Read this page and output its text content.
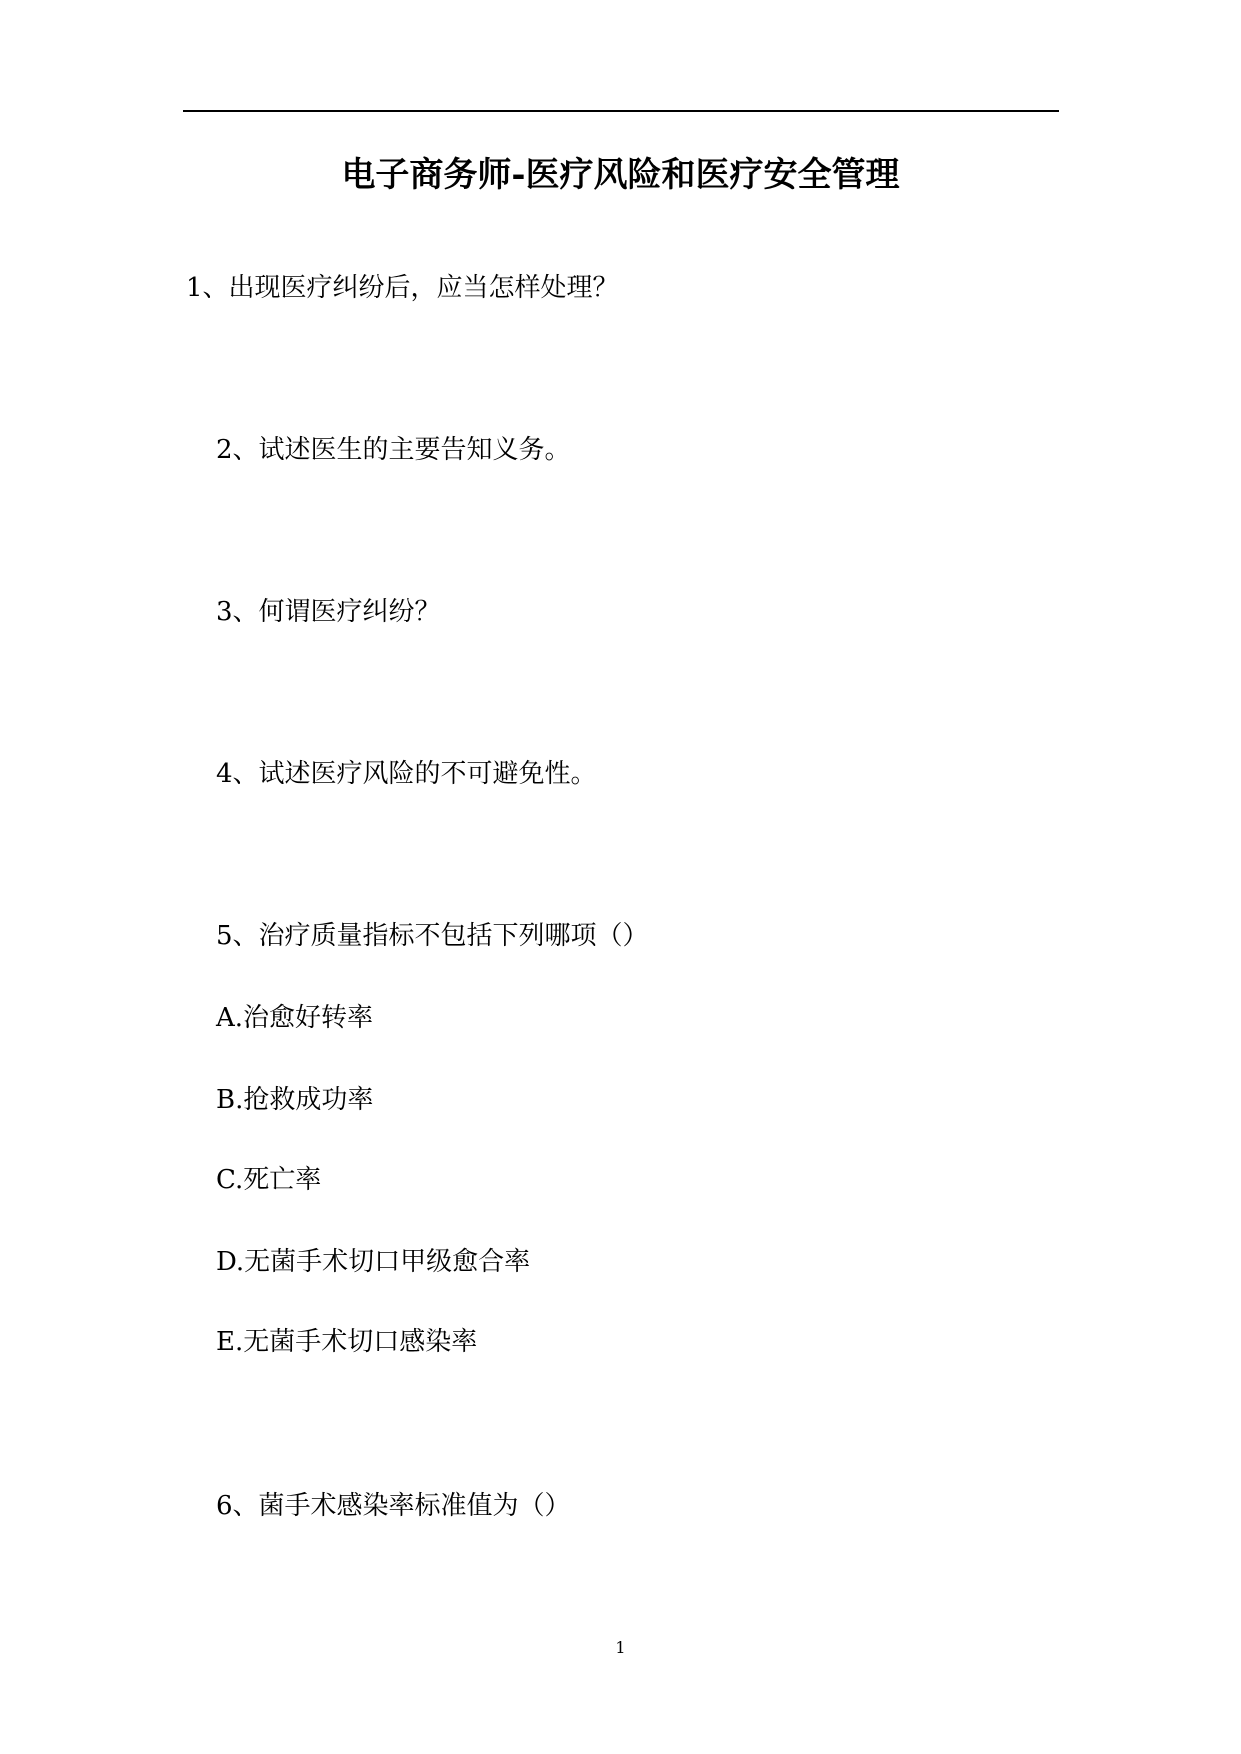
电子商务师-医疗风险和医疗安全管理
1、出现医疗纠纷后，应当怎样处理？
2、试述医生的主要告知义务。
3、何谓医疗纠纷？
4、试述医疗风险的不可避免性。
5、治疗质量指标不包括下列哪项（）
A.治愈好转率
B.抢救成功率
C.死亡率
D.无菌手术切口甲级愈合率
E.无菌手术切口感染率
6、菌手术感染率标准值为（）
1
